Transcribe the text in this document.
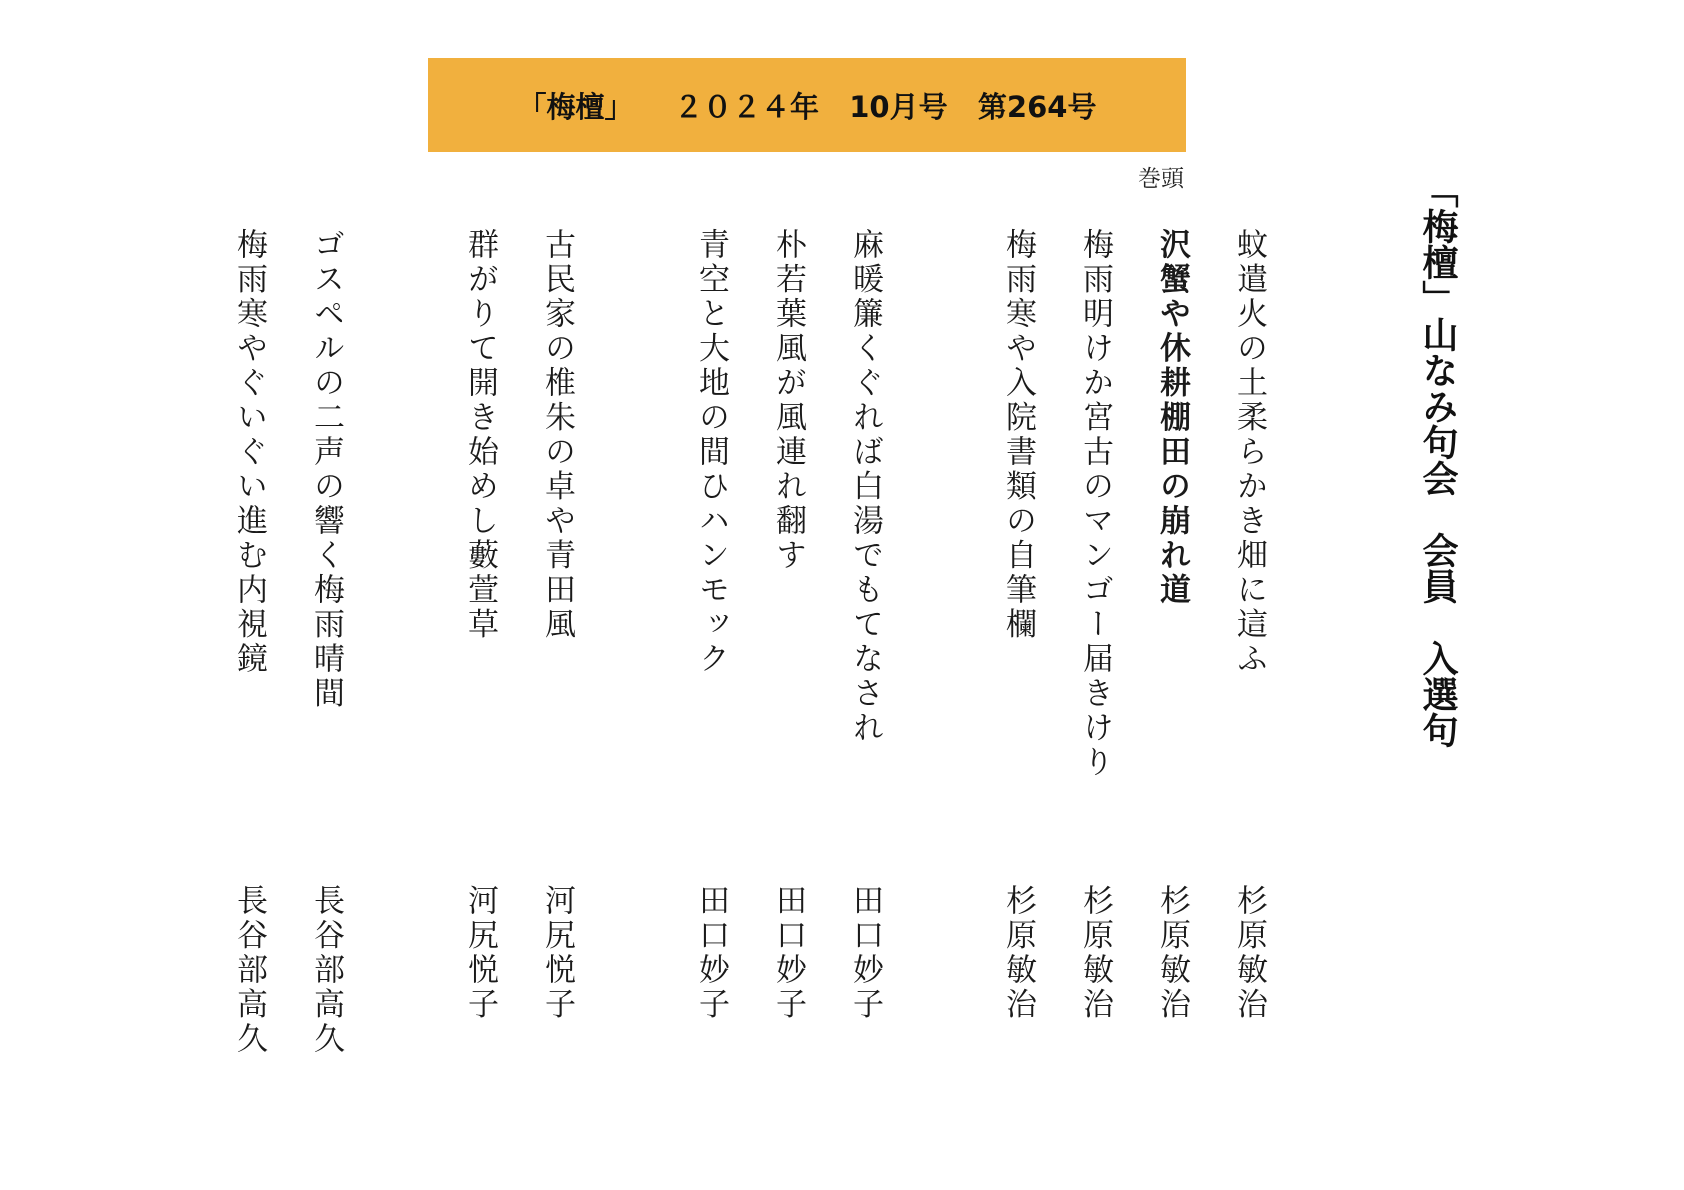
「梅檀」
２０２４年
10月号
第264号
巻頭	「梅檀」山なみ句会　会員　入選句
蚊遣火の土柔らかき畑に這ふ
杉原敏治
沢蟹や休耕棚田の崩れ道
杉原敏治
梅雨明けか宮古のマンゴー届きけり
杉原敏治
梅雨寒や入院書類の自筆欄
杉原敏治
麻暖簾くぐれば白湯でもてなされ
田口妙子
朴若葉風が風連れ翻す
田口妙子
青空と大地の間ひハンモック
田口妙子
古民家の椎朱の卓や青田風
河尻悦子
群がりて開き始めし藪萱草
河尻悦子
ゴスペルの二声の響く梅雨晴間
長谷部高久
梅雨寒やぐいぐい進む内視鏡
長谷部高久
